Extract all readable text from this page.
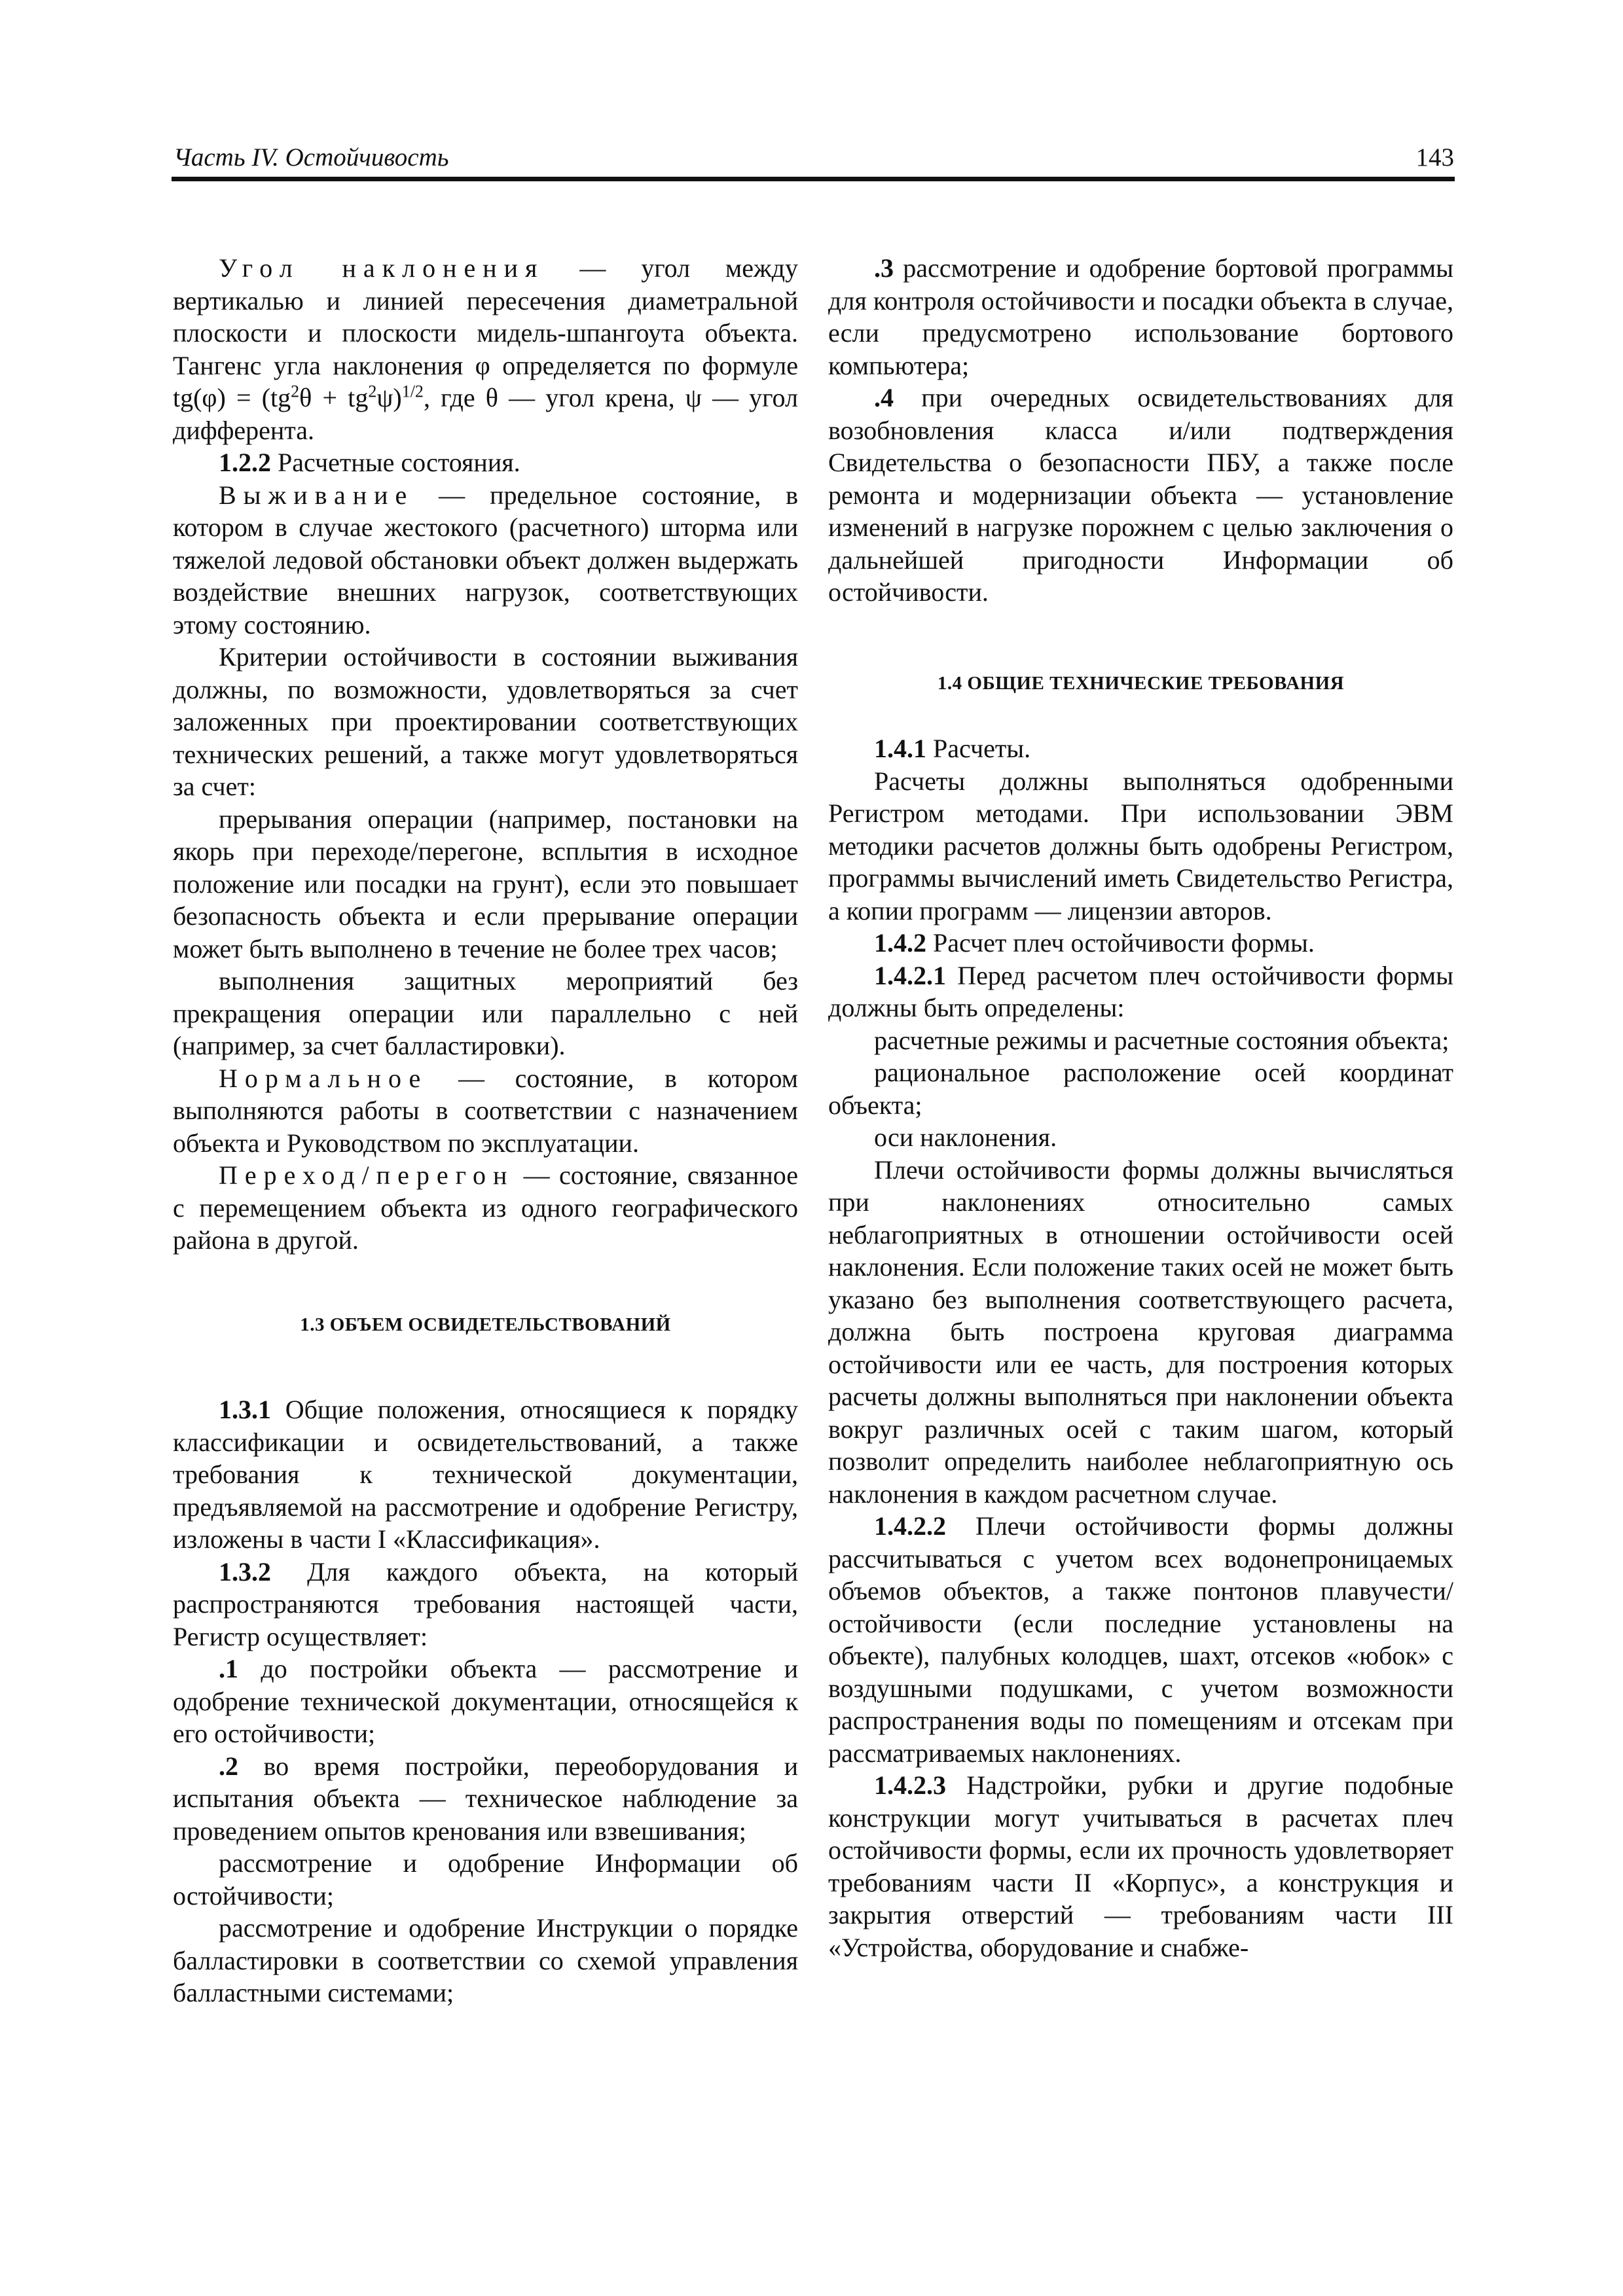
Часть IV. Остойчивость	143

Угол наклонения — угол между вертикалью и линией пересечения диаметральной плоскости и плоскости мидель-шпангоута объекта. Тангенс угла наклонения φ определяется по формуле $tg(\varphi) = (tg^2\theta + tg^2\psi)^{1/2}$, где θ — угол крена, ψ — угол дифферента.

1.2.2 Расчетные состояния.

Выживание — предельное состояние, в котором в случае жестокого (расчетного) шторма или тяжелой ледовой обстановки объект должен выдержать воздействие внешних нагрузок, соответствующих этому состоянию.

Критерии остойчивости в состоянии выживания должны, по возможности, удовлетворяться за счет заложенных при проектировании соответствующих технических решений, а также могут удовлетворяться за счет:

прерывания операции (например, постановки на якорь при переходе/перегоне, всплытия в исходное положение или посадки на грунт), если это повышает безопасность объекта и если прерывание операции может быть выполнено в течение не более трех часов;

выполнения защитных мероприятий без прекращения операции или параллельно с ней (например, за счет балластировки).

Нормальное — состояние, в котором выполняются работы в соответствии с назначением объекта и Руководством по эксплуатации.

Переход/перегон — состояние, связанное с перемещением объекта из одного географического района в другой.

1.3 ОБЪЕМ ОСВИДЕТЕЛЬСТВОВАНИЙ

1.3.1 Общие положения, относящиеся к порядку классификации и освидетельствований, а также требования к технической документации, предъявляемой на рассмотрение и одобрение Регистру, изложены в части I «Классификация».

1.3.2 Для каждого объекта, на который распространяются требования настоящей части, Регистр осуществляет:

.1 до постройки объекта — рассмотрение и одобрение технической документации, относящейся к его остойчивости;

.2 во время постройки, переоборудования и испытания объекта — техническое наблюдение за проведением опытов кренования или взвешивания;

рассмотрение и одобрение Информации об остойчивости;

рассмотрение и одобрение Инструкции о порядке балластировки в соответствии со схемой управления балластными системами;

.3 рассмотрение и одобрение бортовой программы для контроля остойчивости и посадки объекта в случае, если предусмотрено использование бортового компьютера;

.4 при очередных освидетельствованиях для возобновления класса и/или подтверждения Свидетельства о безопасности ПБУ, а также после ремонта и модернизации объекта — установление изменений в нагрузке порожнем с целью заключения о дальнейшей пригодности Информации об остойчивости.

1.4 ОБЩИЕ ТЕХНИЧЕСКИЕ ТРЕБОВАНИЯ

1.4.1 Расчеты.

Расчеты должны выполняться одобренными Регистром методами. При использовании ЭВМ методики расчетов должны быть одобрены Регистром, программы вычислений иметь Свидетельство Регистра, а копии программ — лицензии авторов.

1.4.2 Расчет плеч остойчивости формы.

1.4.2.1 Перед расчетом плеч остойчивости формы должны быть определены:

расчетные режимы и расчетные состояния объекта;

рациональное расположение осей координат объекта;

оси наклонения.

Плечи остойчивости формы должны вычисляться при наклонениях относительно самых неблагоприятных в отношении остойчивости осей наклонения. Если положение таких осей не может быть указано без выполнения соответствующего расчета, должна быть построена круговая диаграмма остойчивости или ее часть, для построения которых расчеты должны выполняться при наклонении объекта вокруг различных осей с таким шагом, который позволит определить наиболее неблагоприятную ось наклонения в каждом расчетном случае.

1.4.2.2 Плечи остойчивости формы должны рассчитываться с учетом всех водонепроницаемых объемов объектов, а также понтонов плавучести/остойчивости (если последние установлены на объекте), палубных колодцев, шахт, отсеков «юбок» с воздушными подушками, с учетом возможности распространения воды по помещениям и отсекам при рассматриваемых наклонениях.

1.4.2.3 Надстройки, рубки и другие подобные конструкции могут учитываться в расчетах плеч остойчивости формы, если их прочность удовлетворяет требованиям части II «Корпус», а конструкция и закрытия отверстий — требованиям части III «Устройства, оборудование и снабже-
